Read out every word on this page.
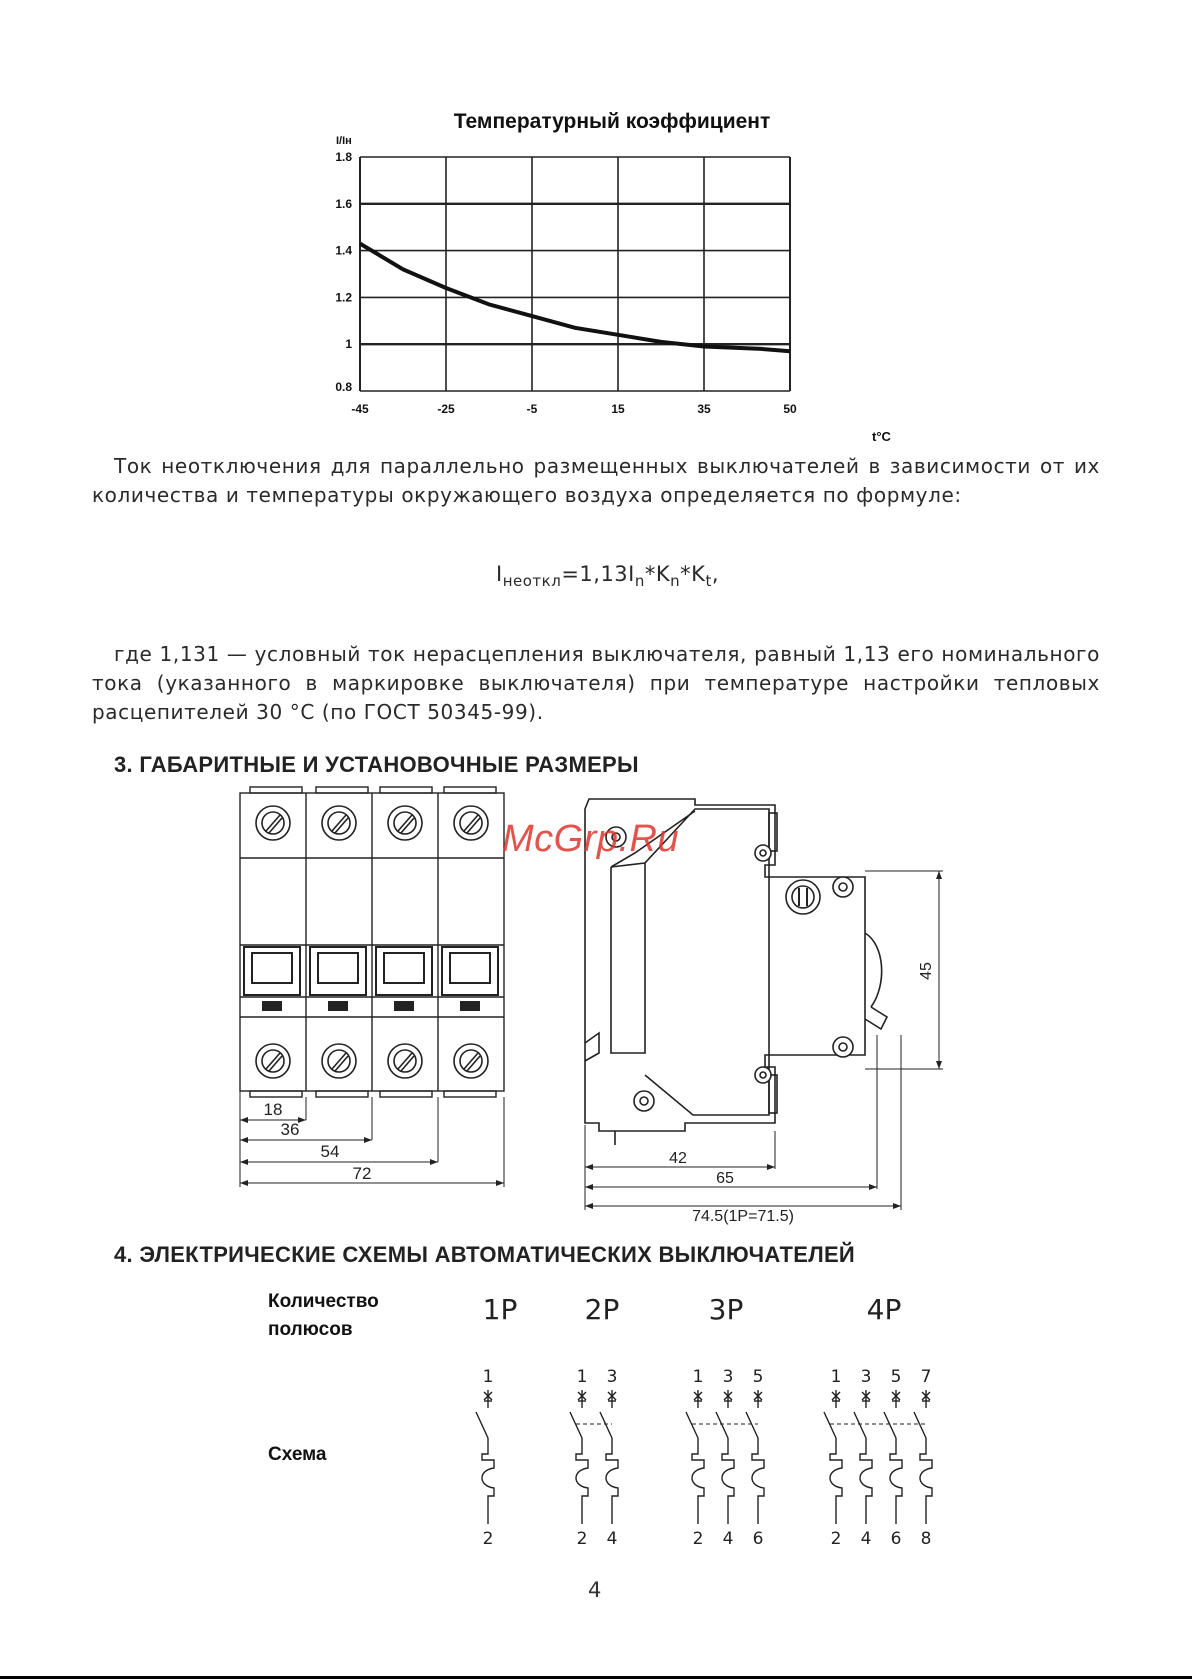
Температурный коэффициент
I/Iн
t°C
1.8
1.6
1.4
1.2
1
0.8
-45	-25	-5	15	35	50
Ток неотключения для параллельно размещенных выключателей в зависимости от их количества и температуры окружающего воздуха определяется по формуле:
$I_{неоткл}=1,13I_n*K_n*K_t$,
где 1,131 — условный ток нерасцепления выключателя, равный 1,13 его номинального тока (указанного в маркировке выключателя) при температуре настройки тепловых расцепителей 30 °С (по ГОСТ 50345-99).
3. ГАБАРИТНЫЕ И УСТАНОВОЧНЫЕ РАЗМЕРЫ
18
36
54
72
45
42
65
74.5(1P=71.5)
McGrp.Ru
4. ЭЛЕКТРИЧЕСКИЕ СХЕМЫ АВТОМАТИЧЕСКИХ ВЫКЛЮЧАТЕЛЕЙ
Количество
полюсов
Схема
1P 2P	3P	4P
1	1 3	1 3 5	1 3 5 7
2	2 4	2 4 6	2 4 6 8
4
